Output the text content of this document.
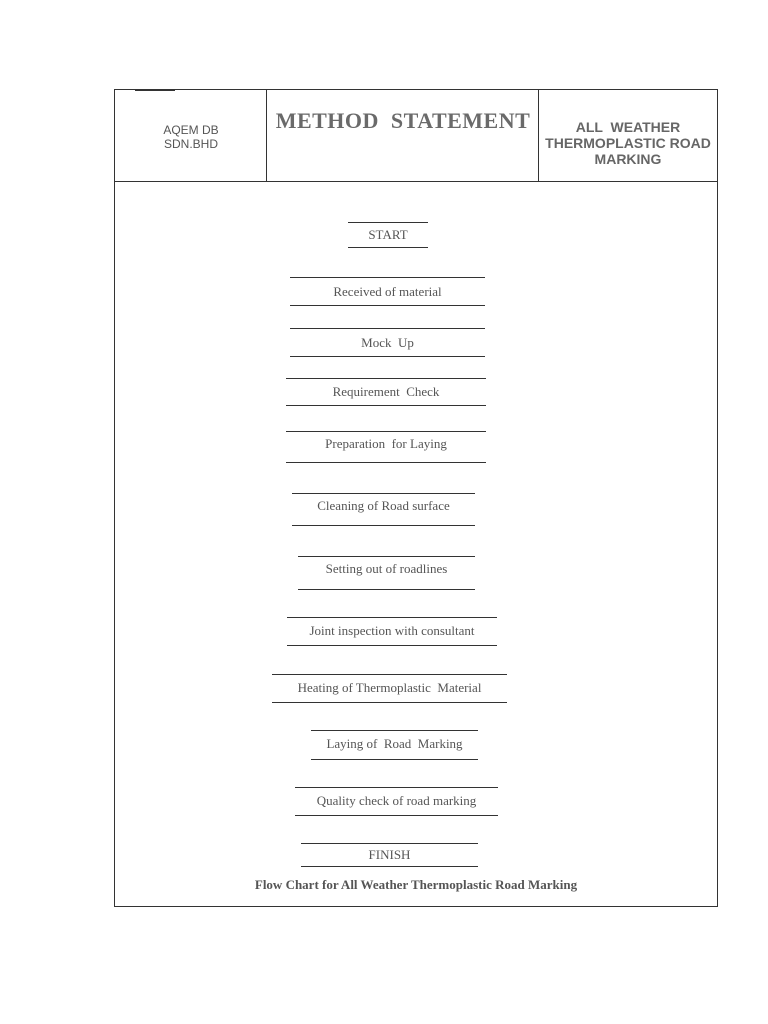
AQEM DB
SDN.BHD
METHOD  STATEMENT	ALL  WEATHER
THERMOPLASTIC ROAD
MARKING
START
Received of material
Mock  Up
Requirement  Check
Preparation  for Laying
Cleaning of Road surface
Setting out of roadlines
Joint inspection with consultant
Heating of Thermoplastic  Material
Laying of  Road  Marking
Quality check of road marking
FINISH
Flow Chart for All Weather Thermoplastic Road Marking
